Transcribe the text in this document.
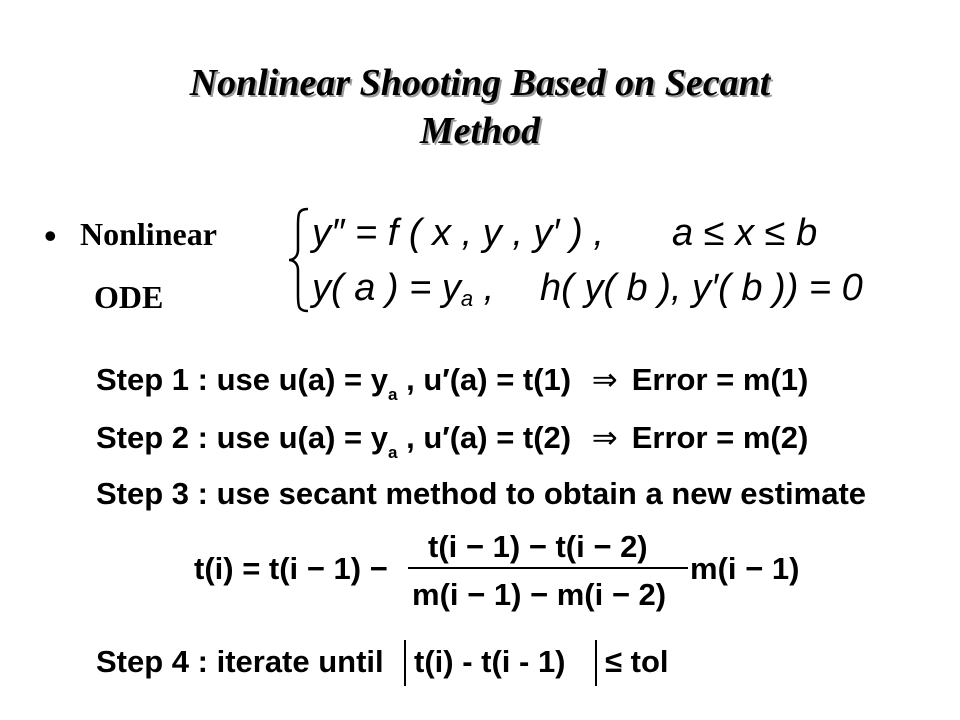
Nonlinear Shooting Based on Secant
Method
• Nonlinear
ODE
y″ = f ( x , y , y′ ) , a ≤ x ≤ b
y( a ) = $y_a$ , h( y( b ), y′( b )) = 0
Step 1 : use $u(a) = y_a$ , u′(a) = t(1) ⇒ Error = m(1)
Step 2 : use $u(a) = y_a$ , u′(a) = t(2) ⇒ Error = m(2)
Step 3 : use secant method to obtain a new estimate
t(i) = t(i − 1) −
t(i − 1) − t(i − 2)
m(i − 1) − m(i − 2)
m(i − 1)
Step 4 : iterate until t(i) - t(i - 1) ≤ tol
